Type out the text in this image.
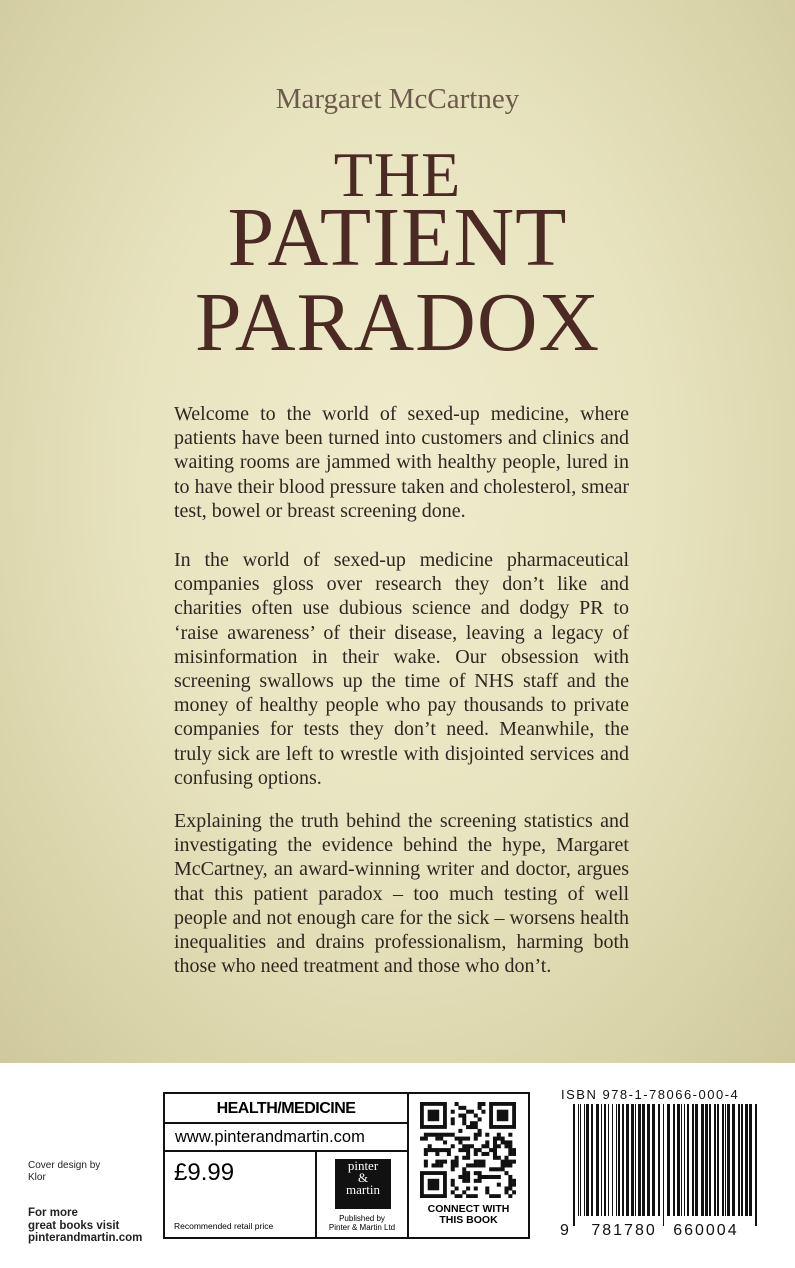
Margaret McCartney
THE
PATIENT
PARADOX
Welcome to the world of sexed-up medicine, where patients have been turned into customers and clinics and waiting rooms are jammed with healthy people, lured in to have their blood pressure taken and cholesterol, smear test, bowel or breast screening done.
In the world of sexed-up medicine pharmaceutical companies gloss over research they don’t like and charities often use dubious science and dodgy PR to ‘raise awareness’ of their disease, leaving a legacy of misinformation in their wake. Our obsession with screening swallows up the time of NHS staff and the money of healthy people who pay thousands to private companies for tests they don’t need. Meanwhile, the truly sick are left to wrestle with disjointed services and confusing options.
Explaining the truth behind the screening statistics and investigating the evidence behind the hype, Margaret McCartney, an award-winning writer and doctor, argues that this patient paradox – too much testing of well people and not enough care for the sick – worsens health inequalities and drains professionalism, harming both those who need treatment and those who don’t.
Cover design by
Klor
For more
great books visit
pinterandmartin.com
HEALTH/MEDICINE
www.pinterandmartin.com
£9.99
Recommended retail price
pinter
&
martin
Published by
Pinter & Martin Ltd
CONNECT WITH
THIS BOOK
ISBN 978-1-78066-000-4
9 781780 660004
